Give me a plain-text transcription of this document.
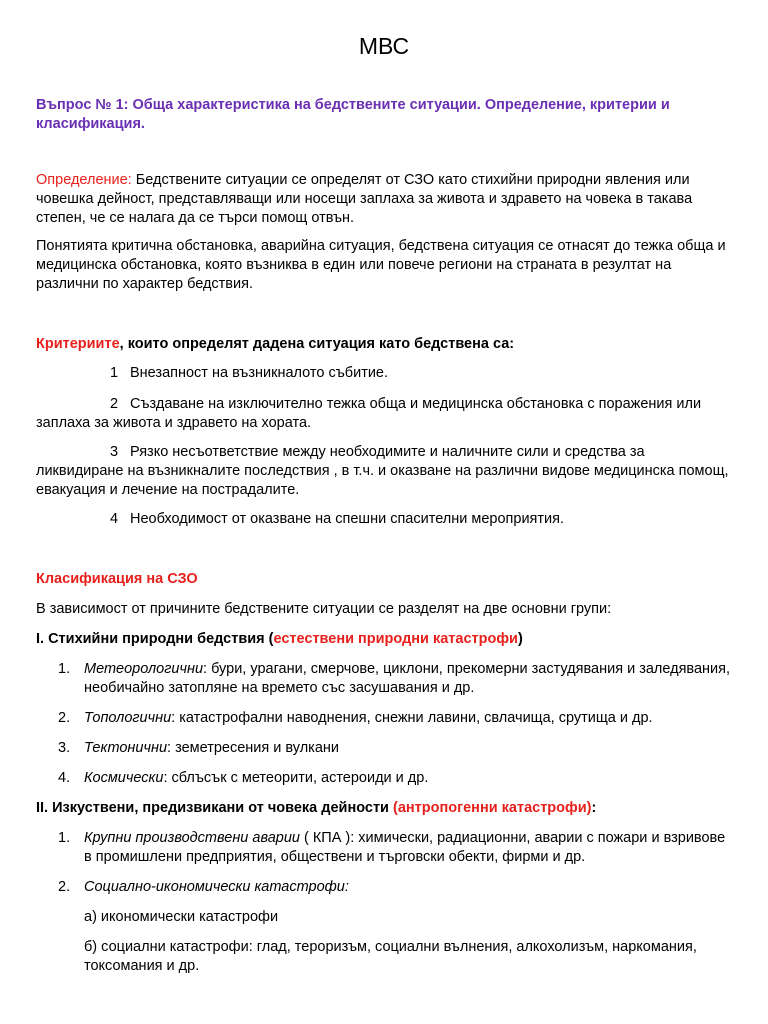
МВС
Въпрос № 1: Обща характеристика на бедствените ситуации. Определение, критерии и класификация.
Определение: Бедствените ситуации се определят от СЗО като стихийни природни явления или човешка дейност, представляващи или носещи заплаха за живота и здравето на човека в такава степен, че се налага да се търси помощ отвън.
Понятията критична обстановка, аварийна ситуация, бедствена ситуация се отнасят до тежка обща и медицинска обстановка, която възниква в един или повече региони на страната в резултат на различни по характер бедствия.
Критериите, които определят дадена ситуация като бедствена са:
1 Внезапност на възникналото събитие.
2 Създаване на изключително тежка обща и медицинска обстановка с поражения или заплаха за живота и здравето на хората.
3 Рязко несъответствие между необходимите и наличните сили и средства за ликвидиране на възникналите последствия , в т.ч. и оказване на различни видове медицинска помощ, евакуация и лечение на пострадалите.
4 Необходимост от оказване на спешни спасителни мероприятия.
Класификация на СЗО
В зависимост от причините бедствените ситуации се разделят на две основни групи:
I. Стихийни природни бедствия (естествени природни катастрофи)
1. Метеорологични: бури, урагани, смерчове, циклони, прекомерни застудявания и заледявания, необичайно затопляне на времето със засушавания и др.
2. Топологични: катастрофални наводнения, снежни лавини, свлачища, срутища и др.
3. Тектонични: земетресения и вулкани
4. Космически: сблъсък с метеорити, астероиди и др.
II. Изкуствени, предизвикани от човека дейности (антропогенни катастрофи):
1. Крупни производствени аварии ( КПА ): химически, радиационни, аварии с пожари и взривове в промишлени предприятия, обществени и търговски обекти, фирми и др.
2. Социално-икономически катастрофи:
а) икономически катастрофи
б) социални катастрофи: глад, тероризъм, социални вълнения, алкохолизъм, наркомания, токсомания и др.
